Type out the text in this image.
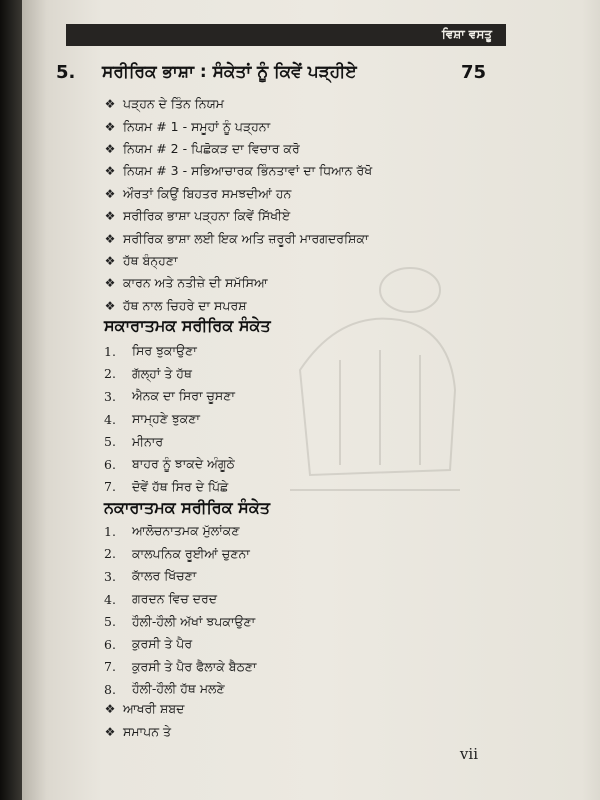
ਵਿਸ਼ਾ ਵਸਤੂ
5. ਸਰੀਰਿਕ ਭਾਸ਼ਾ : ਸੰਕੇਤਾਂ ਨੂੰ ਕਿਵੇਂ ਪੜ੍ਹੀਏ	75
❖ ਪੜ੍ਹਨ ਦੇ ਤਿੰਨ ਨਿਯਮ
❖ ਨਿਯਮ # 1 - ਸਮੂਹਾਂ ਨੂੰ ਪੜ੍ਹਨਾ
❖ ਨਿਯਮ # 2 - ਪਿਛੋਕੜ ਦਾ ਵਿਚਾਰ ਕਰੋ
❖ ਨਿਯਮ # 3 - ਸਭਿਆਚਾਰਕ ਭਿੰਨਤਾਵਾਂ ਦਾ ਧਿਆਨ ਰੱਖੋ
❖ ਔਰਤਾਂ ਕਿਉਂ ਬਿਹਤਰ ਸਮਝਦੀਆਂ ਹਨ
❖ ਸਰੀਰਿਕ ਭਾਸ਼ਾ ਪੜ੍ਹਨਾ ਕਿਵੇਂ ਸਿੱਖੀਏ
❖ ਸਰੀਰਿਕ ਭਾਸ਼ਾ ਲਈ ਇਕ ਅਤਿ ਜ਼ਰੂਰੀ ਮਾਰਗਦਰਸ਼ਿਕਾ
❖ ਹੱਥ ਬੰਨ੍ਹਣਾ
❖ ਕਾਰਨ ਅਤੇ ਨਤੀਜ਼ੇ ਦੀ ਸਮੱਸਿਆ
❖ ਹੱਥ ਨਾਲ ਚਿਹਰੇ ਦਾ ਸਪਰਸ਼
ਸਕਾਰਾਤਮਕ ਸਰੀਰਿਕ ਸੰਕੇਤ
1.	ਸਿਰ ਝੁਕਾਉਣਾ
2.	ਗੱਲ੍ਹਾਂ ਤੇ ਹੱਥ
3.	ਐਨਕ ਦਾ ਸਿਰਾ ਚੂਸਣਾ
4.	ਸਾਮ੍ਹਣੇ ਝੁਕਣਾ
5.	ਮੀਨਾਰ
6.	ਬਾਹਰ ਨੂੰ ਝਾਕਦੇ ਅੰਗੂਠੇ
7.	ਦੋਵੇਂ ਹੱਥ ਸਿਰ ਦੇ ਪਿੱਛੇ
ਨਕਾਰਾਤਮਕ ਸਰੀਰਿਕ ਸੰਕੇਤ
1.	ਆਲੋਚਨਾਤਮਕ ਮੁੱਲਾਂਕਣ
2.	ਕਾਲਪਨਿਕ ਰੂਈਆਂ ਚੁਣਨਾ
3.	ਕਾੱਲਰ ਖਿੱਚਣਾ
4.	ਗਰਦਨ ਵਿਚ ਦਰਦ
5.	ਹੌਲੀ-ਹੌਲੀ ਅੱਖਾਂ ਝਪਕਾਉਣਾ
6.	ਕੁਰਸੀ ਤੇ ਪੈਰ
7.	ਕੁਰਸੀ ਤੇ ਪੈਰ ਫੈਲਾਕੇ ਬੈਠਣਾ
8.	ਹੌਲੀ-ਹੌਲੀ ਹੱਥ ਮਲਣੇ
❖ ਆਖਰੀ ਸ਼ਬਦ
❖ ਸਮਾਪਨ ਤੇ
vii
